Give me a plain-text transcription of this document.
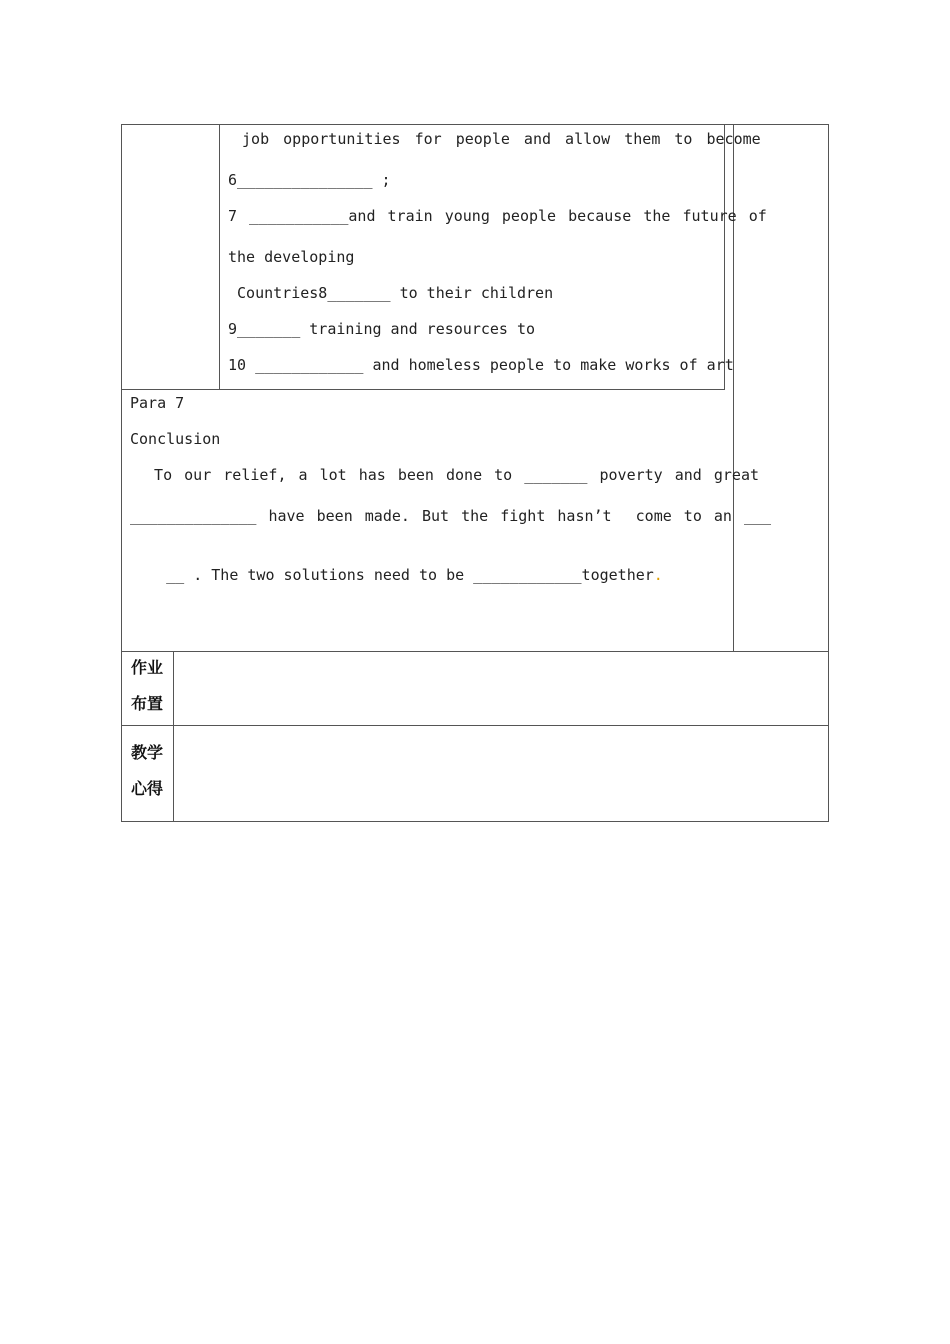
job opportunities for people and allow them to become
6_______________ ;
7 ___________and train young people because the future of
the developing
Countries8_______ to their children
9_______ training and resources to
10 ____________ and homeless people to make works of art
Para 7
Conclusion
To our relief, a lot has been done to _______ poverty and great
______________ have been made. But the fight hasn’t  come to an ___

__ . The two solutions need to be ____________together.

作业
布置
教学
心得
